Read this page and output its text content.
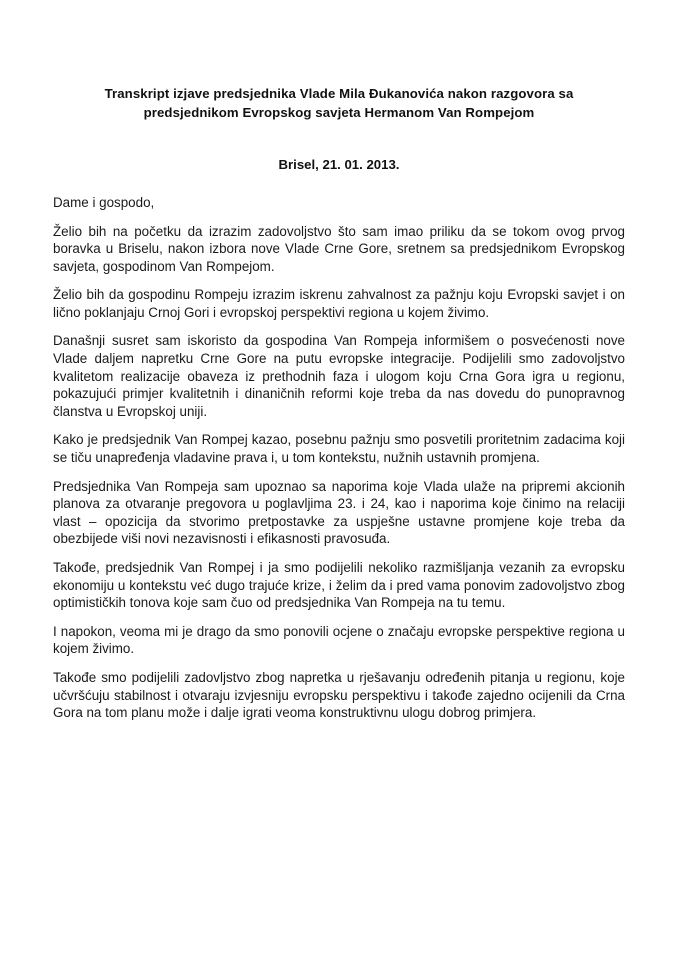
Transkript izjave predsjednika Vlade Mila Đukanovića nakon razgovora sa
predsjednikom Evropskog savjeta Hermanom Van Rompejom

Brisel, 21. 01. 2013.

Dame i gospodo,

Želio bih na početku da izrazim zadovoljstvo što sam imao priliku da se tokom ovog prvog boravka u Briselu, nakon izbora nove Vlade Crne Gore, sretnem sa predsjednikom Evropskog savjeta, gospodinom Van Rompejom.

Želio bih da gospodinu Rompeju izrazim iskrenu zahvalnost za pažnju koju Evropski savjet i on lično poklanjaju Crnoj Gori i evropskoj perspektivi regiona u kojem živimo.

Današnji susret sam iskoristo da gospodina Van Rompeja informišem o posvećenosti nove Vlade daljem napretku Crne Gore na putu evropske integracije. Podijelili smo zadovoljstvo kvalitetom realizacije obaveza iz prethodnih faza i ulogom koju Crna Gora igra u regionu, pokazujući primjer kvalitetnih i dinaničnih reformi koje treba da nas dovedu do punopravnog članstva u Evropskoj uniji.

Kako je predsjednik Van Rompej kazao, posebnu pažnju smo posvetili proritetnim zadacima koji se tiču unapređenja vladavine prava i, u tom kontekstu, nužnih ustavnih promjena.

Predsjednika Van Rompeja sam upoznao sa naporima koje Vlada ulaže na pripremi akcionih planova za otvaranje pregovora u poglavljima 23. i 24, kao i naporima koje činimo na relaciji vlast – opozicija da stvorimo pretpostavke za uspješne ustavne promjene koje treba da obezbijede viši novi nezavisnosti i efikasnosti pravosuđa.

Takođe, predsjednik Van Rompej i ja smo podijelili nekoliko razmišljanja vezanih za evropsku ekonomiju u kontekstu već dugo trajuće krize, i želim da i pred vama ponovim zadovoljstvo zbog optimističkih tonova koje sam čuo od predsjednika Van Rompeja na tu temu.

I napokon, veoma mi je drago da smo ponovili ocjene o značaju evropske perspektive regiona u kojem živimo.

Takođe smo podijelili zadovljstvo zbog napretka u rješavanju određenih pitanja u regionu, koje učvršćuju stabilnost i otvaraju izvjesniju evropsku perspektivu i takođe zajedno ocijenili da Crna Gora na tom planu može i dalje igrati veoma konstruktivnu ulogu dobrog primjera.
